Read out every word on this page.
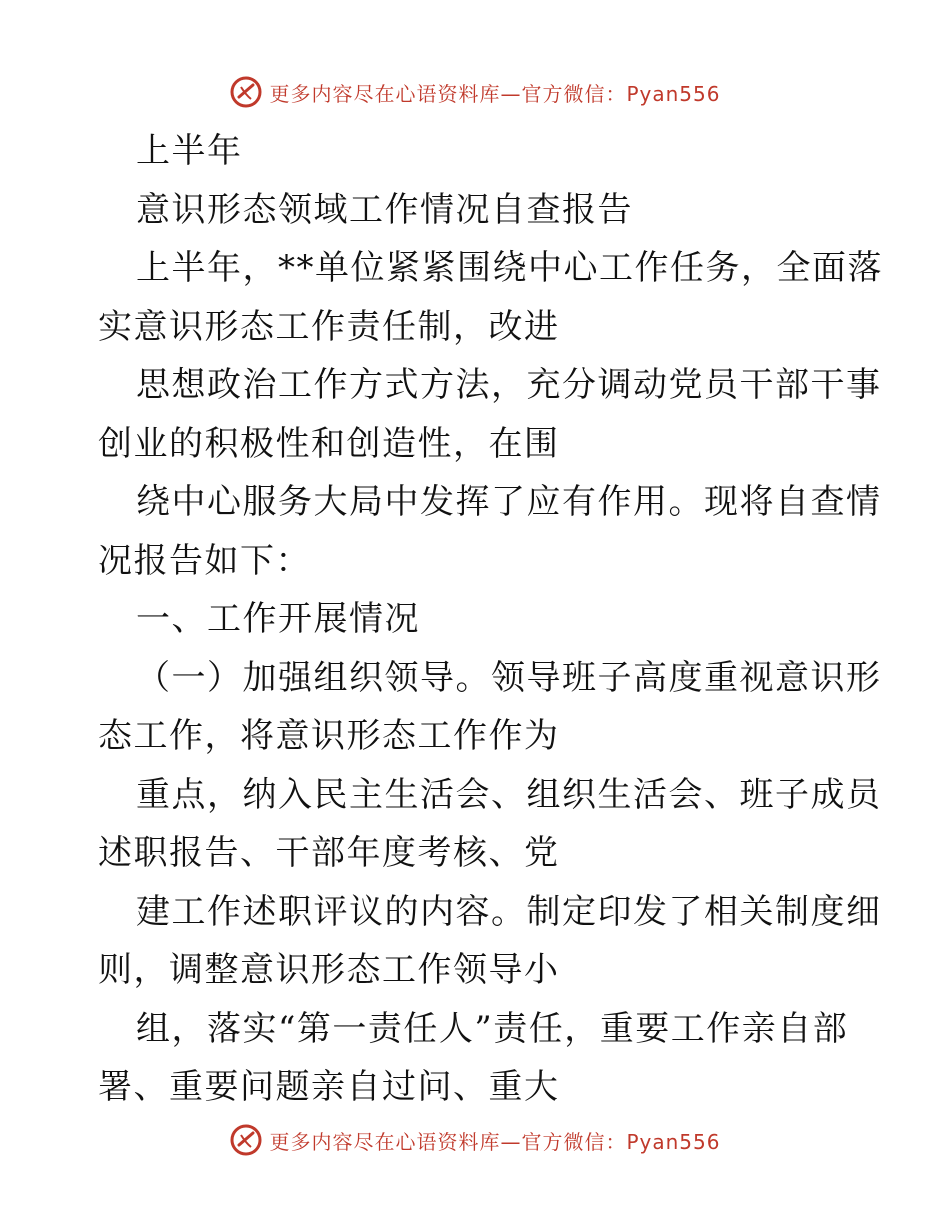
更多内容尽在心语资料库—官方微信：Pyan556
上半年
意识形态领域工作情况自查报告
上半年，**单位紧紧围绕中心工作任务，全面落
实意识形态工作责任制，改进
思想政治工作方式方法，充分调动党员干部干事
创业的积极性和创造性，在围
绕中心服务大局中发挥了应有作用。现将自查情
况报告如下：
一、工作开展情况
（一）加强组织领导。领导班子高度重视意识形
态工作，将意识形态工作作为
重点，纳入民主生活会、组织生活会、班子成员
述职报告、干部年度考核、党
建工作述职评议的内容。制定印发了相关制度细
则，调整意识形态工作领导小
组，落实“第一责任人”责任，重要工作亲自部
署、重要问题亲自过问、重大
更多内容尽在心语资料库—官方微信：Pyan556
